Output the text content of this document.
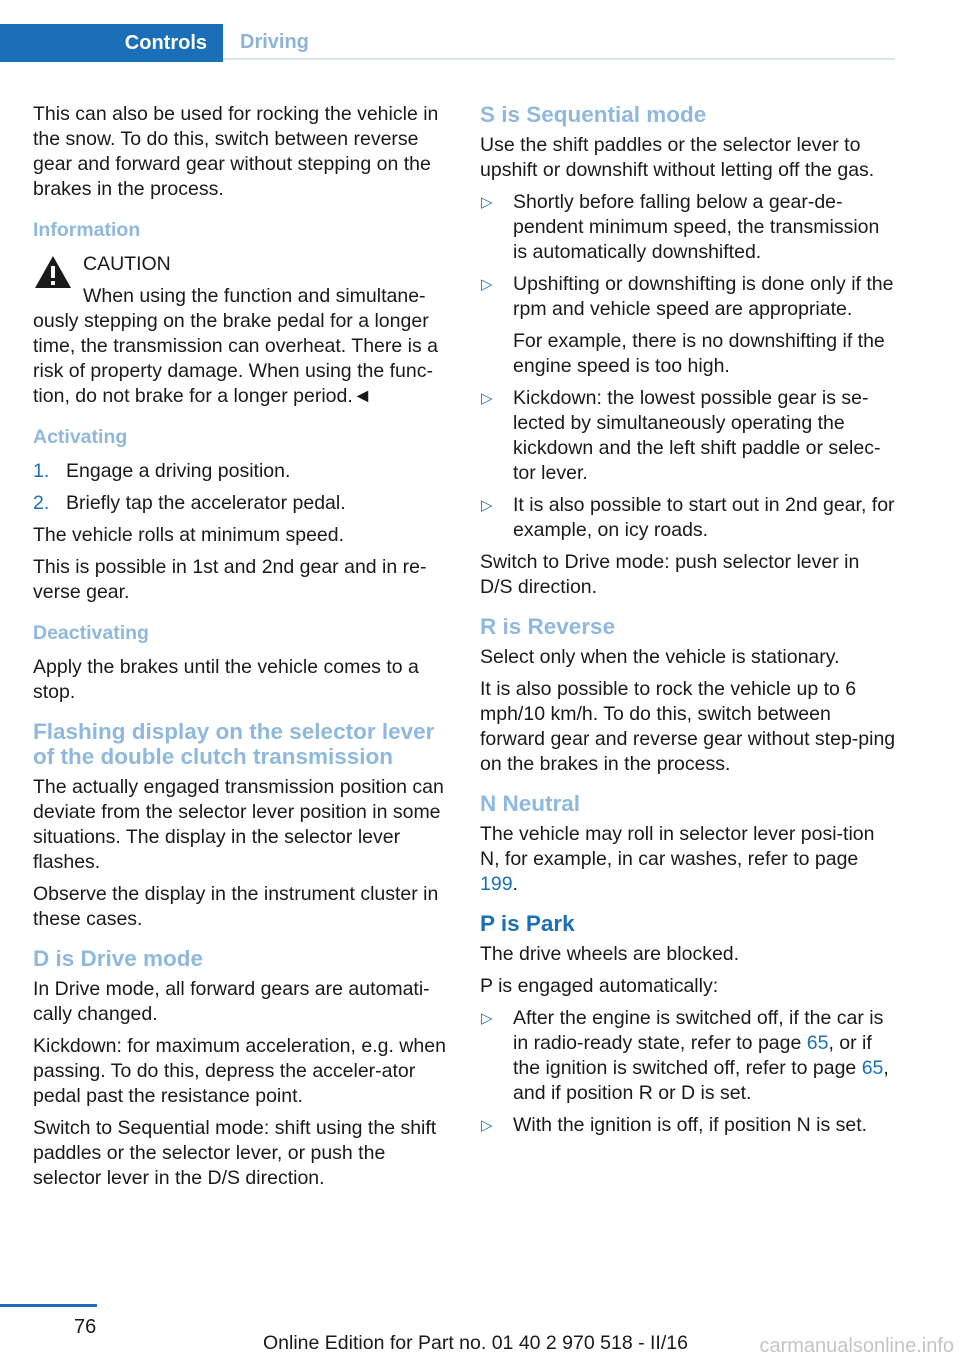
Controls	Driving

This can also be used for rocking the vehicle in the snow. To do this, switch between reverse gear and forward gear without stepping on the brakes in the process.

Information
CAUTION
When using the function and simultane-
ously stepping on the brake pedal for a longer time, the transmission can overheat. There is a risk of property damage. When using the func-tion, do not brake for a longer period.◄
Activating
1. Engage a driving position.
2. Briefly tap the accelerator pedal.

The vehicle rolls at minimum speed.

This is possible in 1st and 2nd gear and in re-verse gear.

Deactivating

Apply the brakes until the vehicle comes to a stop.

Flashing display on the selector lever of the double clutch transmission

The actually engaged transmission position can deviate from the selector lever position in some situations. The display in the selector lever flashes.

Observe the display in the instrument cluster in these cases.

D is Drive mode

In Drive mode, all forward gears are automati-cally changed.

Kickdown: for maximum acceleration, e.g. when passing. To do this, depress the acceler-ator pedal past the resistance point.

Switch to Sequential mode: shift using the shift paddles or the selector lever, or push the selector lever in the D/S direction.

S is Sequential mode

Use the shift paddles or the selector lever to upshift or downshift without letting off the gas.

▷ Shortly before falling below a gear-de-pendent minimum speed, the transmission is automatically downshifted.
▷ Upshifting or downshifting is done only if the rpm and vehicle speed are appropriate.

For example, there is no downshifting if the engine speed is too high.

▷ Kickdown: the lowest possible gear is se-lected by simultaneously operating the kickdown and the left shift paddle or selec-tor lever.
▷ It is also possible to start out in 2nd gear, for example, on icy roads.

Switch to Drive mode: push selector lever in D/S direction.

R is Reverse

Select only when the vehicle is stationary.

It is also possible to rock the vehicle up to 6 mph/10 km/h. To do this, switch between forward gear and reverse gear without step-ping on the brakes in the process.

N Neutral

The vehicle may roll in selector lever posi-tion N, for example, in car washes, refer to page 199.

P is Park

The drive wheels are blocked.

P is engaged automatically:

▷ After the engine is switched off, if the car is in radio-ready state, refer to page 65, or if the ignition is switched off, refer to page 65, and if position R or D is set.
▷ With the ignition is off, if position N is set.
76
Online Edition for Part no. 01 40 2 970 518 - II/16	carmanualsonline.info
